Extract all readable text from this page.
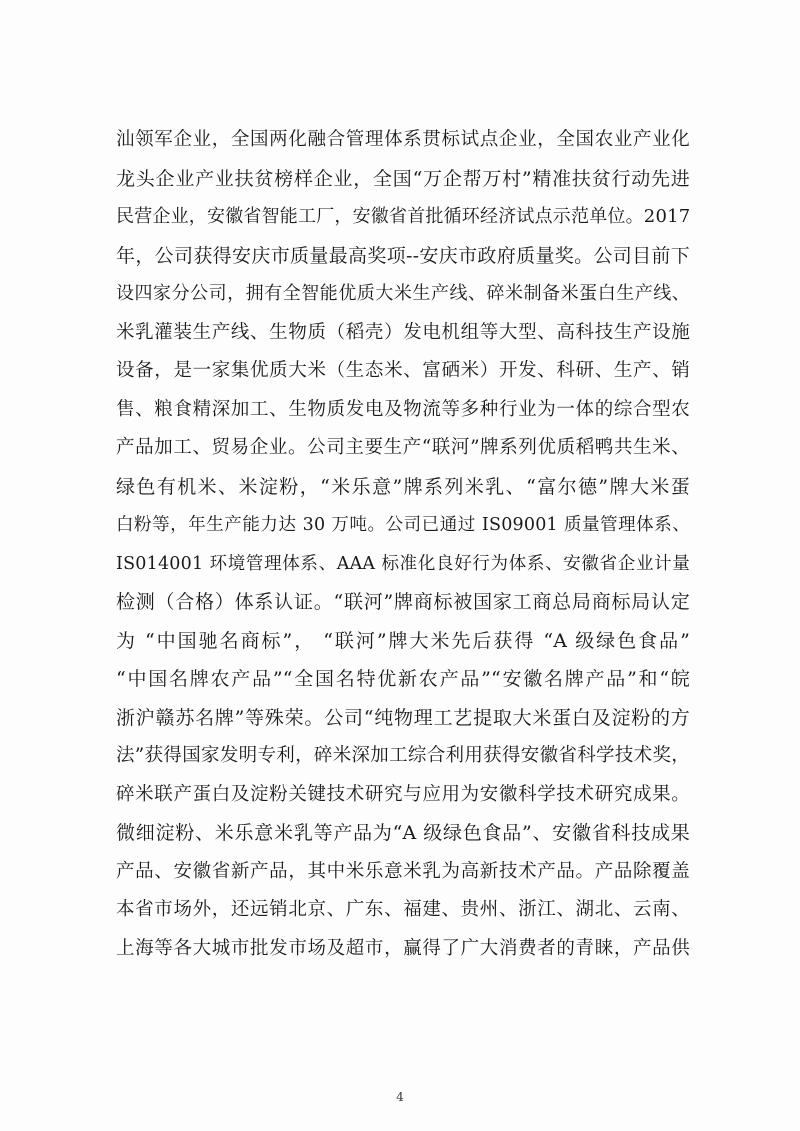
汕领军企业，全国两化融合管理体系贯标试点企业，全国农业产业化
龙头企业产业扶贫榜样企业，全国“万企帮万村”精准扶贫行动先进
民营企业，安徽省智能工厂，安徽省首批循环经济试点示范单位。2017
年，公司获得安庆市质量最高奖项--安庆市政府质量奖。公司目前下
设四家分公司，拥有全智能优质大米生产线、碎米制备米蛋白生产线、
米乳灌装生产线、生物质（稻壳）发电机组等大型、高科技生产设施
设备，是一家集优质大米（生态米、富硒米）开发、科研、生产、销
售、粮食精深加工、生物质发电及物流等多种行业为一体的综合型农
产品加工、贸易企业。公司主要生产“联河”牌系列优质稻鸭共生米、
绿色有机米、米淀粉，“米乐意”牌系列米乳、“富尔德”牌大米蛋
白粉等，年生产能力达 30 万吨。公司已通过 IS09001 质量管理体系、
IS014001 环境管理体系、AAA 标准化良好行为体系、安徽省企业计量
检测（合格）体系认证。“联河”牌商标被国家工商总局商标局认定
为 “中国驰名商标”， “联河”牌大米先后获得 “A 级绿色食品”
“中国名牌农产品”“全国名特优新农产品”“安徽名牌产品”和“皖
浙沪赣苏名牌”等殊荣。公司“纯物理工艺提取大米蛋白及淀粉的方
法”获得国家发明专利，碎米深加工综合利用获得安徽省科学技术奖，
碎米联产蛋白及淀粉关键技术研究与应用为安徽科学技术研究成果。
微细淀粉、米乐意米乳等产品为“A 级绿色食品”、安徽省科技成果
产品、安徽省新产品，其中米乐意米乳为高新技术产品。产品除覆盖
本省市场外，还远销北京、广东、福建、贵州、浙江、湖北、云南、
上海等各大城市批发市场及超市，赢得了广大消费者的青睐，产品供
4
